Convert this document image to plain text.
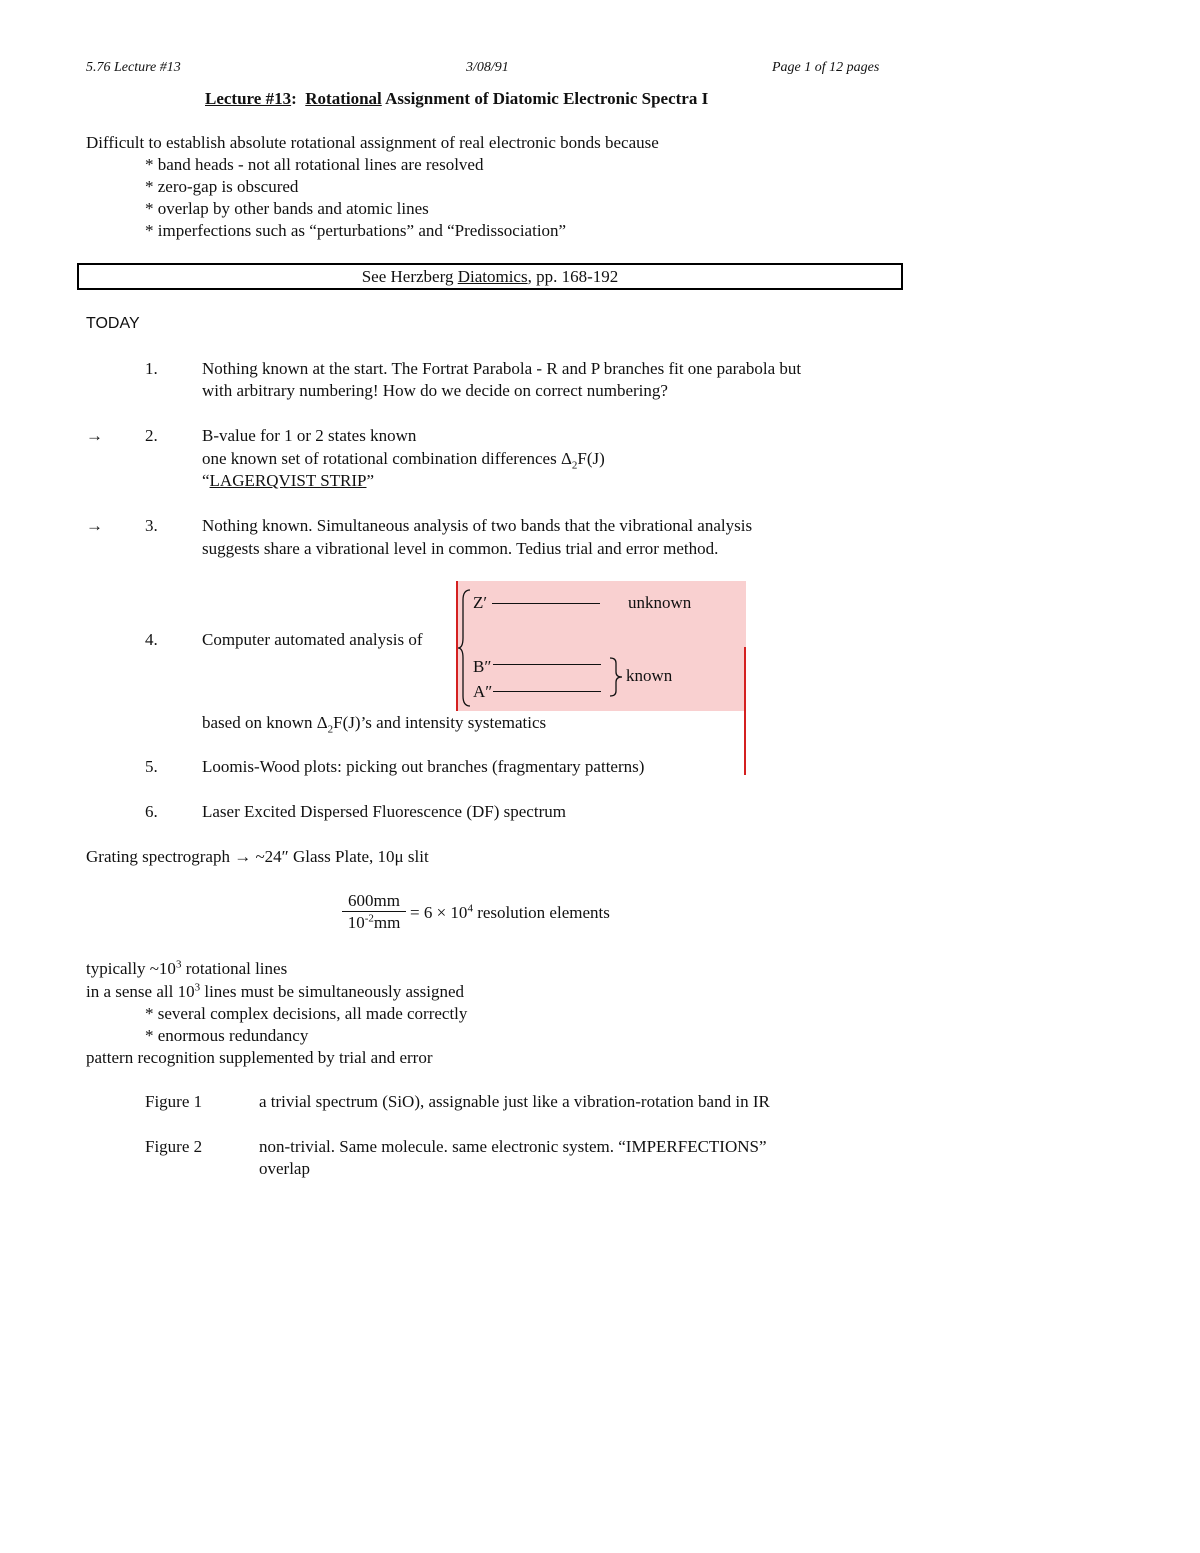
5.76 Lecture #13	3/08/91	Page 1 of 12 pages
Lecture #13: Rotational Assignment of Diatomic Electronic Spectra I
Difficult to establish absolute rotational assignment of real electronic bonds because
* band heads - not all rotational lines are resolved
* zero-gap is obscured
* overlap by other bands and atomic lines
* imperfections such as “perturbations” and “Predissociation”
See Herzberg Diatomics, pp. 168-192
TODAY
1.	Nothing known at the start. The Fortrat Parabola - R and P branches fit one parabola but
with arbitrary numbering! How do we decide on correct numbering?
→ 2.	B-value for 1 or 2 states known
one known set of rotational combination differences $\Delta_2F(J)$
“LAGERQVIST STRIP”
→ 3.	Nothing known. Simultaneous analysis of two bands that the vibrational analysis
suggests share a vibrational level in common. Tedius trial and error method.
4.	Computer automated analysis of
Z′	unknown
B″
A″
known
based on known $\Delta_2F(J)’s$ and intensity systematics
5.	Loomis-Wood plots: picking out branches (fragmentary patterns)
6.	Laser Excited Dispersed Fluorescence (DF) spectrum
Grating spectrograph → ~24″ Glass Plate, 10μ slit
600mm
$10^{-2}mm$
= $6 \times 10^4$ resolution elements
typically $\sim 10^3$ rotational lines
in a sense all $10^3$ lines must be simultaneously assigned
* several complex decisions, all made correctly
* enormous redundancy
pattern recognition supplemented by trial and error
Figure 1	a trivial spectrum (SiO), assignable just like a vibration-rotation band in IR
Figure 2	non-trivial. Same molecule. same electronic system. “IMPERFECTIONS”
overlap
